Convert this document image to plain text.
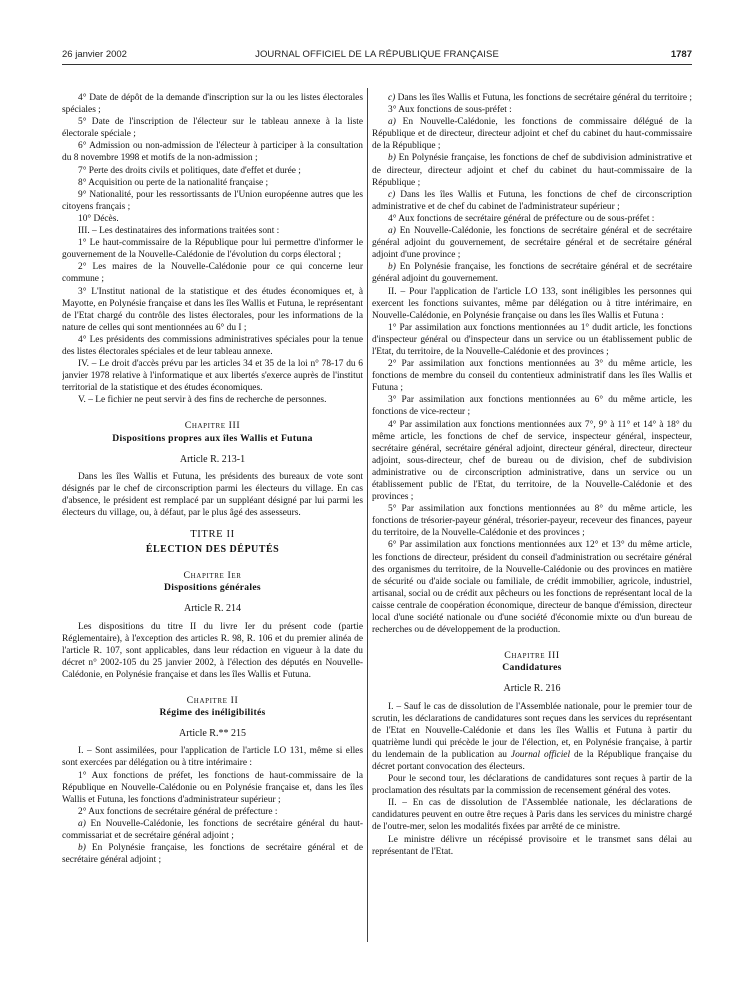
26 janvier 2002	JOURNAL OFFICIEL DE LA RÉPUBLIQUE FRANÇAISE	1787

4° Date de dépôt de la demande d'inscription sur la ou les listes électorales spéciales ;

5° Date de l'inscription de l'électeur sur le tableau annexe à la liste électorale spéciale ;

6° Admission ou non-admission de l'électeur à participer à la consultation du 8 novembre 1998 et motifs de la non-admission ;

7° Perte des droits civils et politiques, date d'effet et durée ;

8° Acquisition ou perte de la nationalité française ;

9° Nationalité, pour les ressortissants de l'Union européenne autres que les citoyens français ;

10° Décès.

III. – Les destinataires des informations traitées sont :

1° Le haut-commissaire de la République pour lui permettre d'informer le gouvernement de la Nouvelle-Calédonie de l'évolution du corps électoral ;

2° Les maires de la Nouvelle-Calédonie pour ce qui concerne leur commune ;

3° L'Institut national de la statistique et des études économiques et, à Mayotte, en Polynésie française et dans les îles Wallis et Futuna, le représentant de l'Etat chargé du contrôle des listes électorales, pour les informations de la nature de celles qui sont mentionnées au 6° du I ;

4° Les présidents des commissions administratives spéciales pour la tenue des listes électorales spéciales et de leur tableau annexe.

IV. – Le droit d'accès prévu par les articles 34 et 35 de la loi n° 78-17 du 6 janvier 1978 relative à l'informatique et aux libertés s'exerce auprès de l'institut territorial de la statistique et des études économiques.

V. – Le fichier ne peut servir à des fins de recherche de personnes.

Chapitre III

Dispositions propres aux îles Wallis et Futuna

Article R. 213-1

Dans les îles Wallis et Futuna, les présidents des bureaux de vote sont désignés par le chef de circonscription parmi les électeurs du village. En cas d'absence, le président est remplacé par un suppléant désigné par lui parmi les électeurs du village, ou, à défaut, par le plus âgé des assesseurs.

TITRE II

ÉLECTION DES DÉPUTÉS

Chapitre Ier

Dispositions générales

Article R. 214

Les dispositions du titre II du livre Ier du présent code (partie Réglementaire), à l'exception des articles R. 98, R. 106 et du premier alinéa de l'article R. 107, sont applicables, dans leur rédaction en vigueur à la date du décret n° 2002-105 du 25 janvier 2002, à l'élection des députés en Nouvelle-Calédonie, en Polynésie française et dans les îles Wallis et Futuna.

Chapitre II

Régime des inéligibilités

Article R.** 215

I. – Sont assimilées, pour l'application de l'article LO 131, même si elles sont exercées par délégation ou à titre intérimaire :

1° Aux fonctions de préfet, les fonctions de haut-commissaire de la République en Nouvelle-Calédonie ou en Polynésie française et, dans les îles Wallis et Futuna, les fonctions d'administrateur supérieur ;

2° Aux fonctions de secrétaire général de préfecture :

a) En Nouvelle-Calédonie, les fonctions de secrétaire général du haut-commissariat et de secrétaire général adjoint ;

b) En Polynésie française, les fonctions de secrétaire général et de secrétaire général adjoint ;

c) Dans les îles Wallis et Futuna, les fonctions de secrétaire général du territoire ;

3° Aux fonctions de sous-préfet :

a) En Nouvelle-Calédonie, les fonctions de commissaire délégué de la République et de directeur, directeur adjoint et chef du cabinet du haut-commissaire de la République ;

b) En Polynésie française, les fonctions de chef de subdivision administrative et de directeur, directeur adjoint et chef du cabinet du haut-commissaire de la République ;

c) Dans les îles Wallis et Futuna, les fonctions de chef de circonscription administrative et de chef du cabinet de l'administrateur supérieur ;

4° Aux fonctions de secrétaire général de préfecture ou de sous-préfet :

a) En Nouvelle-Calédonie, les fonctions de secrétaire général et de secrétaire général adjoint du gouvernement, de secrétaire général et de secrétaire général adjoint d'une province ;

b) En Polynésie française, les fonctions de secrétaire général et de secrétaire général adjoint du gouvernement.

II. – Pour l'application de l'article LO 133, sont inéligibles les personnes qui exercent les fonctions suivantes, même par délégation ou à titre intérimaire, en Nouvelle-Calédonie, en Polynésie française ou dans les îles Wallis et Futuna :

1° Par assimilation aux fonctions mentionnées au 1° dudit article, les fonctions d'inspecteur général ou d'inspecteur dans un service ou un établissement public de l'Etat, du territoire, de la Nouvelle-Calédonie et des provinces ;

2° Par assimilation aux fonctions mentionnées au 3° du même article, les fonctions de membre du conseil du contentieux administratif dans les îles Wallis et Futuna ;

3° Par assimilation aux fonctions mentionnées au 6° du même article, les fonctions de vice-recteur ;

4° Par assimilation aux fonctions mentionnées aux 7°, 9° à 11° et 14° à 18° du même article, les fonctions de chef de service, inspecteur général, inspecteur, secrétaire général, secrétaire général adjoint, directeur général, directeur, directeur adjoint, sous-directeur, chef de bureau ou de division, chef de subdivision administrative ou de circonscription administrative, dans un service ou un établissement public de l'Etat, du territoire, de la Nouvelle-Calédonie et des provinces ;

5° Par assimilation aux fonctions mentionnées au 8° du même article, les fonctions de trésorier-payeur général, trésorier-payeur, receveur des finances, payeur du territoire, de la Nouvelle-Calédonie et des provinces ;

6° Par assimilation aux fonctions mentionnées aux 12° et 13° du même article, les fonctions de directeur, président du conseil d'administration ou secrétaire général des organismes du territoire, de la Nouvelle-Calédonie ou des provinces en matière de sécurité ou d'aide sociale ou familiale, de crédit immobilier, agricole, industriel, artisanal, social ou de crédit aux pêcheurs ou les fonctions de représentant local de la caisse centrale de coopération économique, directeur de banque d'émission, directeur local d'une société nationale ou d'une société d'économie mixte ou d'un bureau de recherches ou de développement de la production.

Chapitre III

Candidatures

Article R. 216

I. – Sauf le cas de dissolution de l'Assemblée nationale, pour le premier tour de scrutin, les déclarations de candidatures sont reçues dans les services du représentant de l'Etat en Nouvelle-Calédonie et dans les îles Wallis et Futuna à partir du quatrième lundi qui précède le jour de l'élection, et, en Polynésie française, à partir du lendemain de la publication au Journal officiel de la République française du décret portant convocation des électeurs.

Pour le second tour, les déclarations de candidatures sont reçues à partir de la proclamation des résultats par la commission de recensement général des votes.

II. – En cas de dissolution de l'Assemblée nationale, les déclarations de candidatures peuvent en outre être reçues à Paris dans les services du ministre chargé de l'outre-mer, selon les modalités fixées par arrêté de ce ministre.

Le ministre délivre un récépissé provisoire et le transmet sans délai au représentant de l'Etat.
